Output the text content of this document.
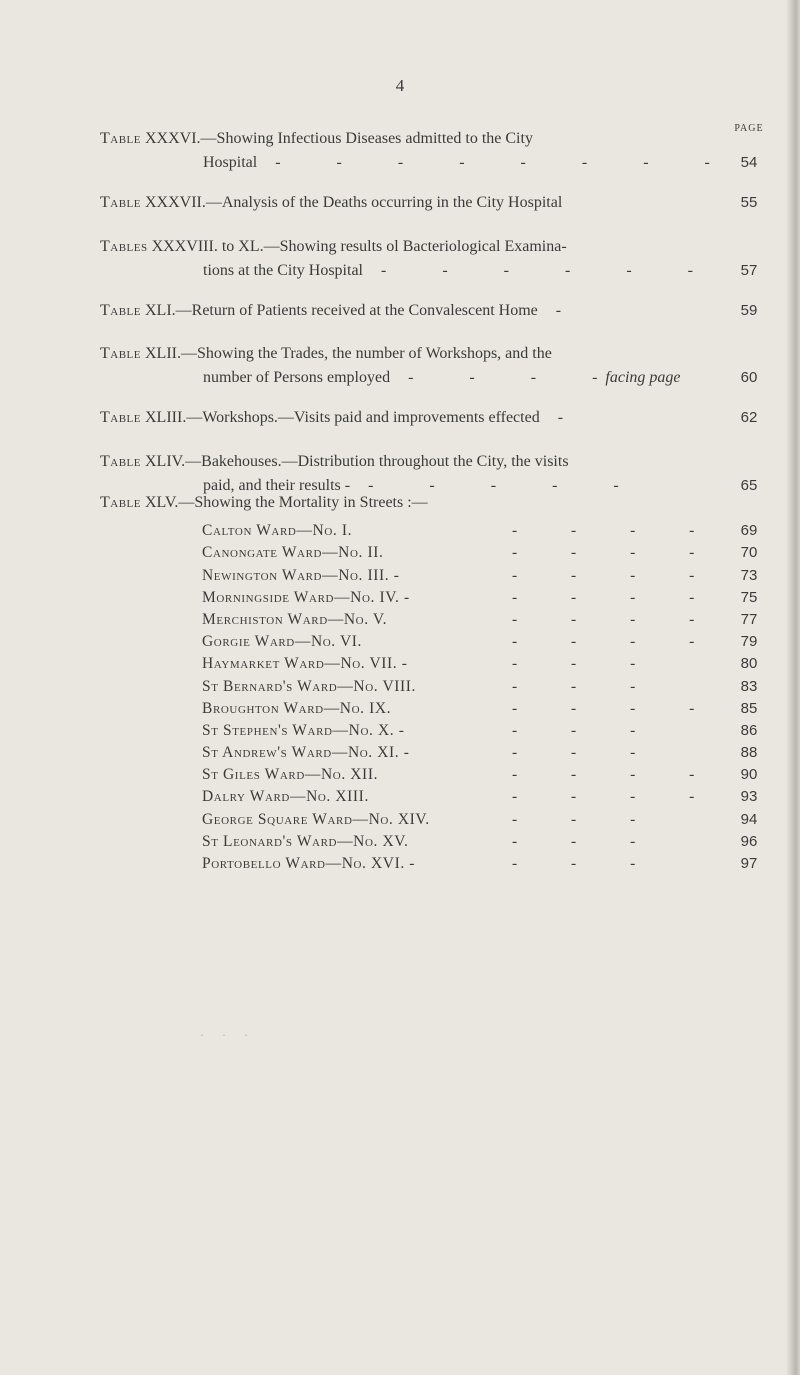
4
PAGE
Table XXXVI.—Showing Infectious Diseases admitted to the City
Hospital - - - - - - - - 54
Table XXXVII.—Analysis of the Deaths occurring in the City Hospital	55
Tables XXXVIII. to XL.—Showing results ol Bacteriological Examina-
tions at the City Hospital - - - - - -	57
Table XLI.—Return of Patients received at the Convalescent Home -	59
Table XLII.—Showing the Trades, the number of Workshops, and the
number of Persons employed - - - -facing page	60
Table XLIII.—Workshops.—Visits paid and improvements effected -	62
Table XLIV.—Bakehouses.—Distribution throughout the City, the visits
paid, and their results - - - - - -	65
Table XLV.—Showing the Mortality in Streets :—
Calton Ward—No. I.	- - - -	69
Canongate Ward—No. II.	- - - -	70
Newington Ward—No. III. -	- - - -	73
Morningside Ward—No. IV. -	- - - -	75
Merchiston Ward—No. V.	- - - -	77
Gorgie Ward—No. VI.	- - - -	79
Haymarket Ward—No. VII. -	- - -	80
St Bernard's Ward—No. VIII.	- - -	83
Broughton Ward—No. IX.	- - - -	85
St Stephen's Ward—No. X. -	- - -	86
St Andrew's Ward—No. XI. -	- - -	88
St Giles Ward—No. XII.	- - - -	90
Dalry Ward—No. XIII.	- - - -	93
George Square Ward—No. XIV.	- - -	94
St Leonard's Ward—No. XV.	- - -	96
Portobello Ward—No. XVI. -	- - -	97
···
